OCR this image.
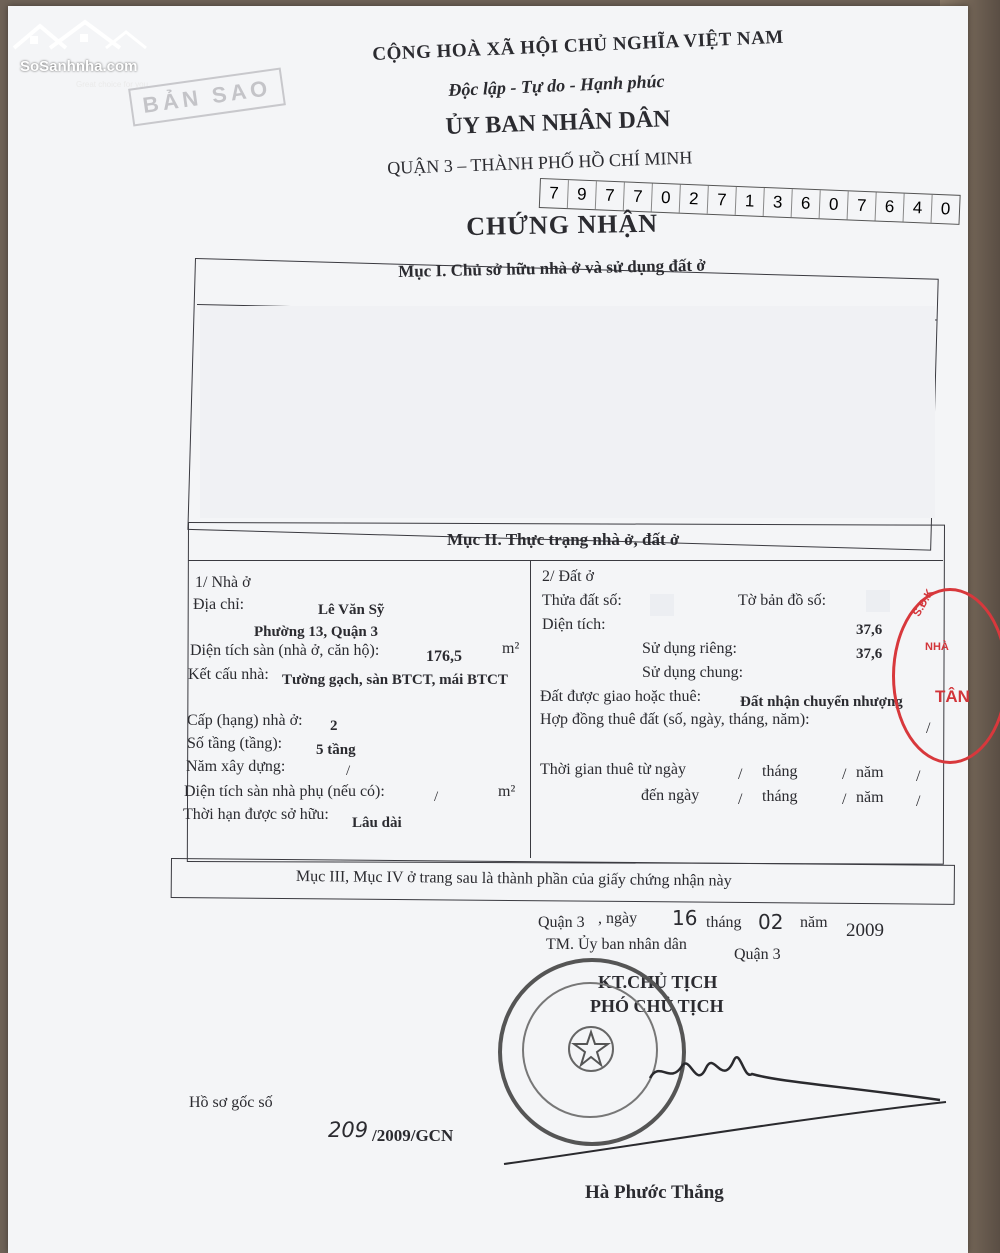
SoSanhnha.com
Great choice for you
BẢN SAO
CỘNG HOÀ XÃ HỘI CHỦ NGHĨA VIỆT NAM
Độc lập - Tự do - Hạnh phúc
ỦY BAN NHÂN DÂN
QUẬN 3 – THÀNH PHỐ HỒ CHÍ MINH
7	9	7	7	0	2	7	1	3	6	0	7	6	4	0
CHỨNG NHẬN
Mục I. Chủ sở hữu nhà ở và sử dụng đất ở
Mục II. Thực trạng nhà ở, đất ở
1/ Nhà ở
Địa chỉ:	Lê Văn Sỹ
Phường 13, Quận 3
Diện tích sàn (nhà ở, căn hộ):	176,5	m²
Kết cấu nhà: Tường gạch, sàn BTCT, mái BTCT
Cấp (hạng) nhà ở: 2
Số tầng (tầng): 5 tầng
Năm xây dựng:	/
Diện tích sàn nhà phụ (nếu có):	/	m²
Thời hạn được sở hữu: Lâu dài
2/ Đất ở
Thửa đất số:	Tờ bản đồ số:
Diện tích:	37,6
Sử dụng riêng:	37,6
Sử dụng chung:
Đất được giao hoặc thuê:	Đất nhận chuyển nhượng
Hợp đồng thuê đất (số, ngày, tháng, năm):
/
Thời gian thuê từ ngày	/ tháng	/ năm /
đến ngày / tháng	/ năm /
Mục III, Mục IV ở trang sau là thành phần của giấy chứng nhận này
S.Đ.K
NHÀ
TÂN
Quận 3 , ngày 16 tháng 02 năm 2009
TM. Ủy ban nhân dân
Quận 3
KT.CHỦ TỊCH
PHÓ CHỦ TỊCH
Hồ sơ gốc số
209 /2009/GCN
Hà Phước Thắng
